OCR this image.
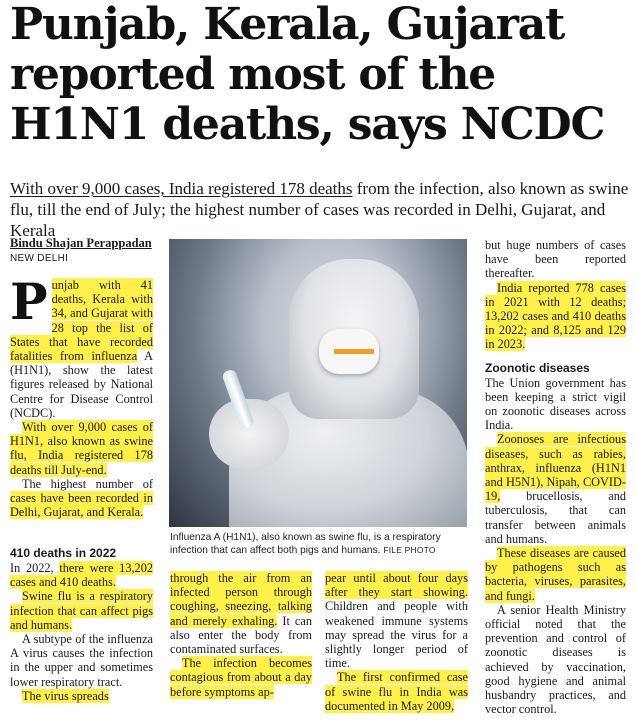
Punjab, Kerala, Gujarat
reported most of the
H1N1 deaths, says NCDC
With over 9,000 cases, India registered 178 deaths from the infection, also known as swine flu, till the end of July; the highest number of cases was recorded in Delhi, Gujarat, and Kerala
Bindu Shajan Perappadan
NEW DELHI
Influenza A (H1N1), also known as swine flu, is a respiratory infection that can affect both pigs and humans. FILE PHOTO

Punjab with 41 deaths, Kerala with 34, and Gujarat with 28 top the list of States that have recorded fatalities from influenza A (H1N1), show the latest figures released by National Centre for Disease Control (NCDC).

With over 9,000 cases of H1N1, also known as swine flu, India registered 178 deaths till July-end.

The highest number of cases have been recorded in Delhi, Gujarat, and Kerala.

410 deaths in 2022

In 2022, there were 13,202 cases and 410 deaths.

Swine flu is a respiratory infection that can affect pigs and humans.

A subtype of the influenza A virus causes the infection in the upper and sometimes lower respiratory tract.

The virus spreads

through the air from an infected person through coughing, sneezing, talking and merely exhaling. It can also enter the body from contaminated surfaces.

The infection becomes contagious from about a day before symptoms ap-

pear until about four days after they start showing. Children and people with weakened immune systems may spread the virus for a slightly longer period of time.

The first confirmed case of swine flu in India was documented in May 2009,

but huge numbers of cases have been reported thereafter.

India reported 778 cases in 2021 with 12 deaths; 13,202 cases and 410 deaths in 2022; and 8,125 and 129 in 2023.

Zoonotic diseases

The Union government has been keeping a strict vigil on zoonotic diseases across India.

Zoonoses are infectious diseases, such as rabies, anthrax, influenza (H1N1 and H5N1), Nipah, COVID-19, brucellosis, and tuberculosis, that can transfer between animals and humans.

These diseases are caused by pathogens such as bacteria, viruses, parasites, and fungi.

A senior Health Ministry official noted that the prevention and control of zoonotic diseases is achieved by vaccination, good hygiene and animal husbandry practices, and vector control.
